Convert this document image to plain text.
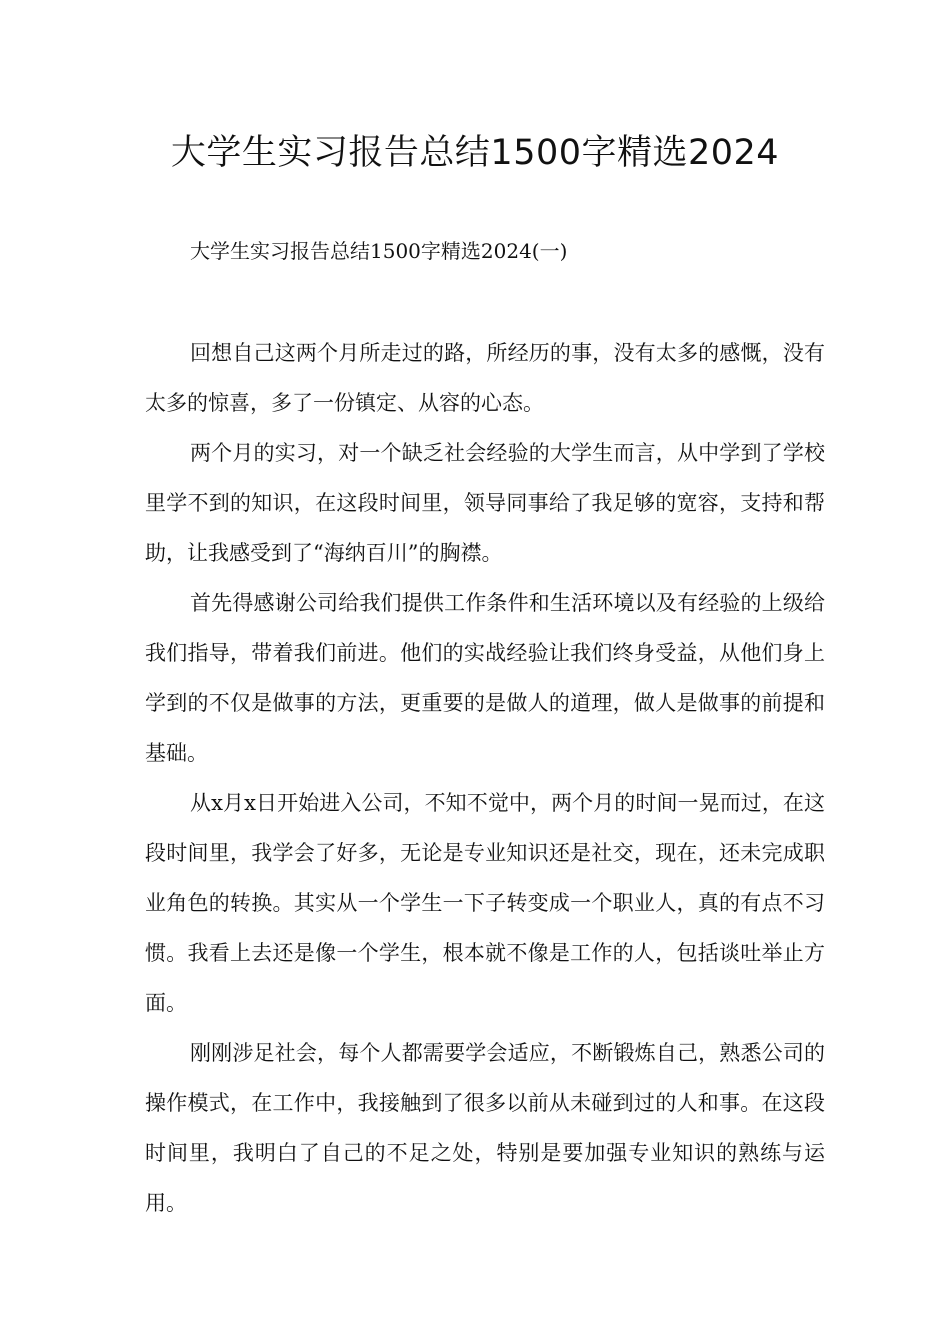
大学生实习报告总结1500字精选2024

大学生实习报告总结1500字精选2024(一)

回想自己这两个月所走过的路，所经历的事，没有太多的感慨，没有太多的惊喜，多了一份镇定、从容的心态。

两个月的实习，对一个缺乏社会经验的大学生而言，从中学到了学校里学不到的知识，在这段时间里，领导同事给了我足够的宽容，支持和帮助，让我感受到了“海纳百川”的胸襟。

首先得感谢公司给我们提供工作条件和生活环境以及有经验的上级给我们指导，带着我们前进。他们的实战经验让我们终身受益，从他们身上学到的不仅是做事的方法，更重要的是做人的道理，做人是做事的前提和基础。

从x月x日开始进入公司，不知不觉中，两个月的时间一晃而过，在这段时间里，我学会了好多，无论是专业知识还是社交，现在，还未完成职业角色的转换。其实从一个学生一下子转变成一个职业人，真的有点不习惯。我看上去还是像一个学生，根本就不像是工作的人，包括谈吐举止方面。

刚刚涉足社会，每个人都需要学会适应，不断锻炼自己，熟悉公司的操作模式，在工作中，我接触到了很多以前从未碰到过的人和事。在这段时间里，我明白了自己的不足之处，特别是要加强专业知识的熟练与运用。
